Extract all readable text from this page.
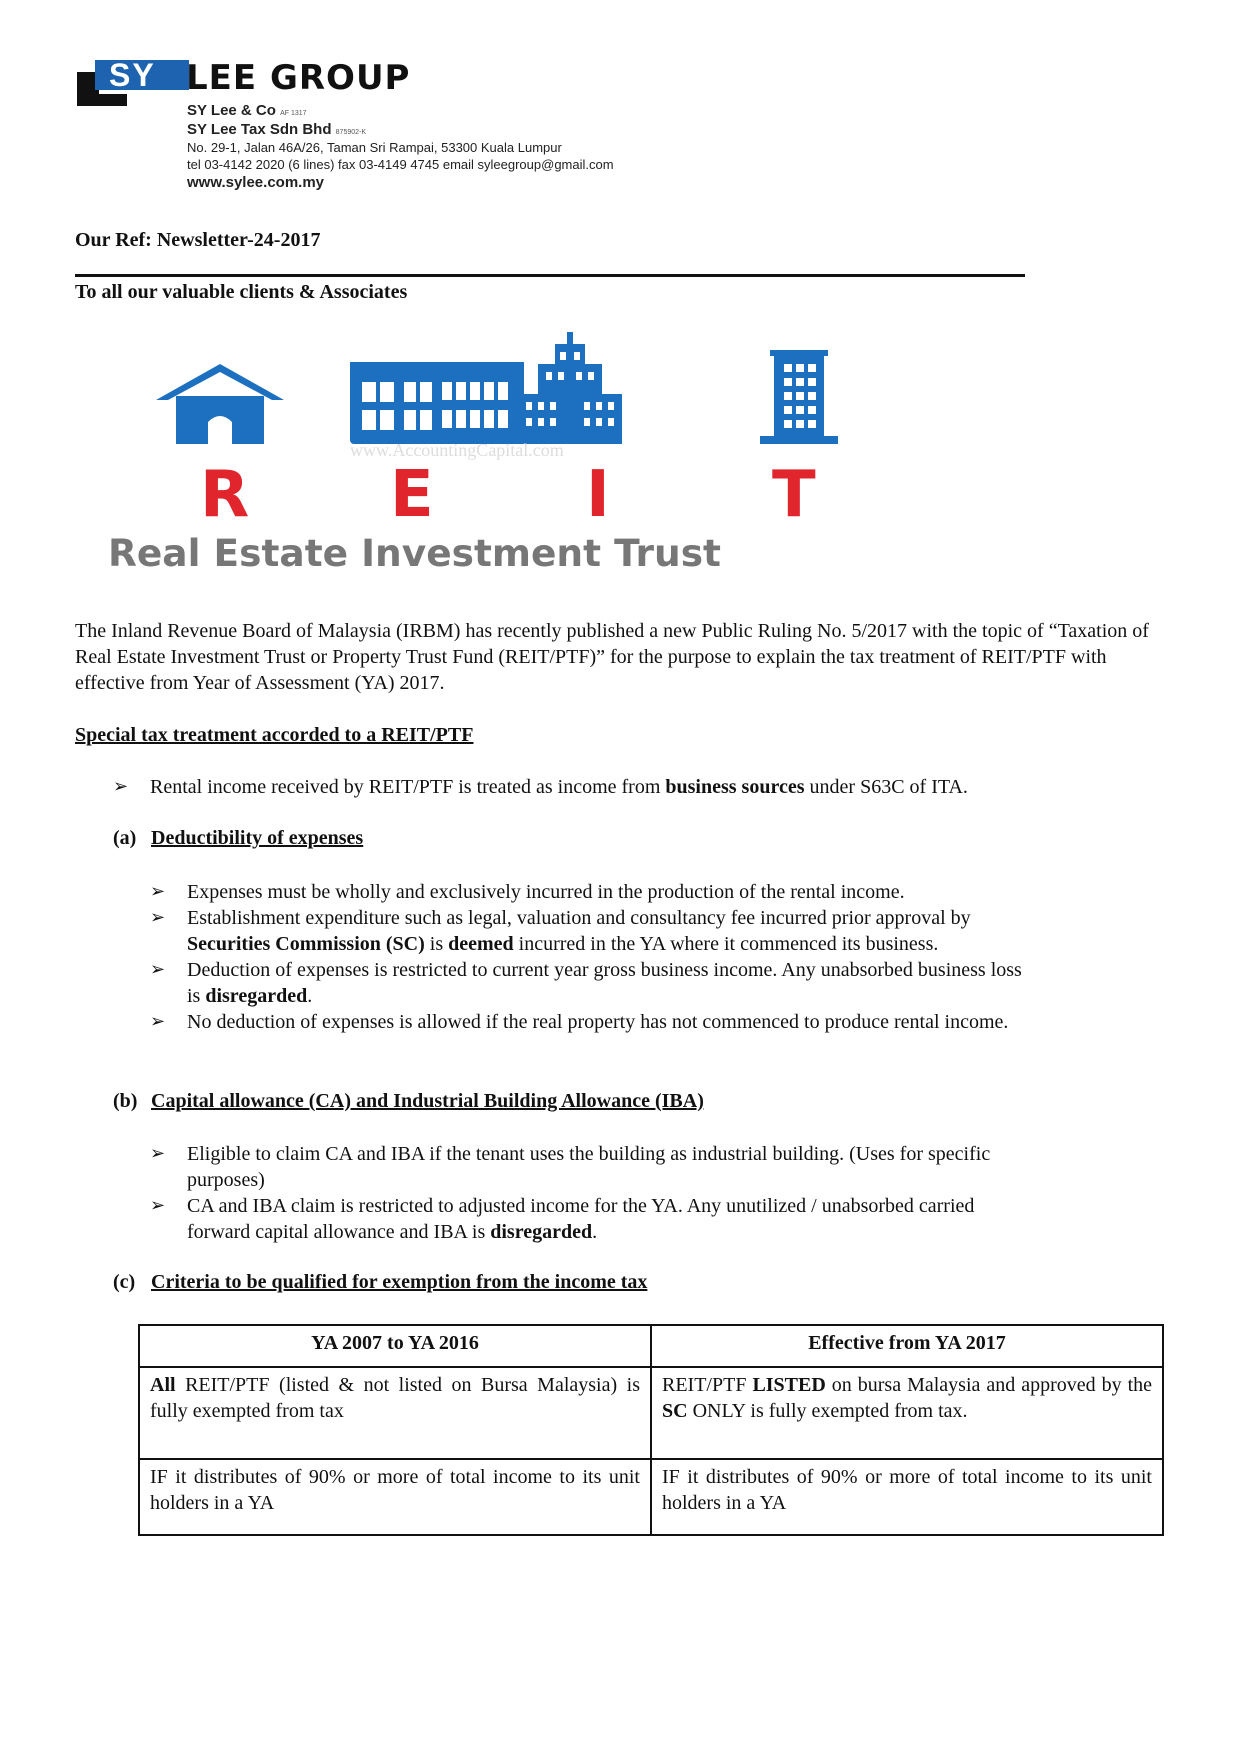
SY LEE GROUP
SY Lee & Co AF 1317
SY Lee Tax Sdn Bhd 875902-K
No. 29-1, Jalan 46A/26, Taman Sri Rampai, 53300 Kuala Lumpur
tel 03-4142 2020 (6 lines) fax 03-4149 4745 email syleegroup@gmail.com
www.sylee.com.my
Our Ref: Newsletter-24-2017
To all our valuable clients & Associates
www.AccountingCapital.com
R E I	T
Real Estate Investment Trust
The Inland Revenue Board of Malaysia (IRBM) has recently published a new Public Ruling No. 5/2017 with the topic of “Taxation of Real Estate Investment Trust or Property Trust Fund (REIT/PTF)” for the purpose to explain the tax treatment of REIT/PTF with effective from Year of Assessment (YA) 2017.
Special tax treatment accorded to a REIT/PTF
➢ Rental income received by REIT/PTF is treated as income from business sources under S63C of ITA.
(a) Deductibility of expenses
➢ Expenses must be wholly and exclusively incurred in the production of the rental income.
➢ Establishment expenditure such as legal, valuation and consultancy fee incurred prior approval by
Securities Commission (SC) is deemed incurred in the YA where it commenced its business.
➢ Deduction of expenses is restricted to current year gross business income. Any unabsorbed business loss
is disregarded.
➢ No deduction of expenses is allowed if the real property has not commenced to produce rental income.
(b) Capital allowance (CA) and Industrial Building Allowance (IBA)
➢ Eligible to claim CA and IBA if the tenant uses the building as industrial building. (Uses for specific
purposes)
➢ CA and IBA claim is restricted to adjusted income for the YA. Any unutilized / unabsorbed carried
forward capital allowance and IBA is disregarded.
(c) Criteria to be qualified for exemption from the income tax
YA 2007 to YA 2016	Effective from YA 2017
All REIT/PTF (listed & not listed on Bursa Malaysia) is fully exempted from tax	REIT/PTF LISTED on bursa Malaysia and approved by the SC ONLY is fully exempted from tax.
IF it distributes of 90% or more of total income to its unit holders in a YA	IF it distributes of 90% or more of total income to its unit holders in a YA
